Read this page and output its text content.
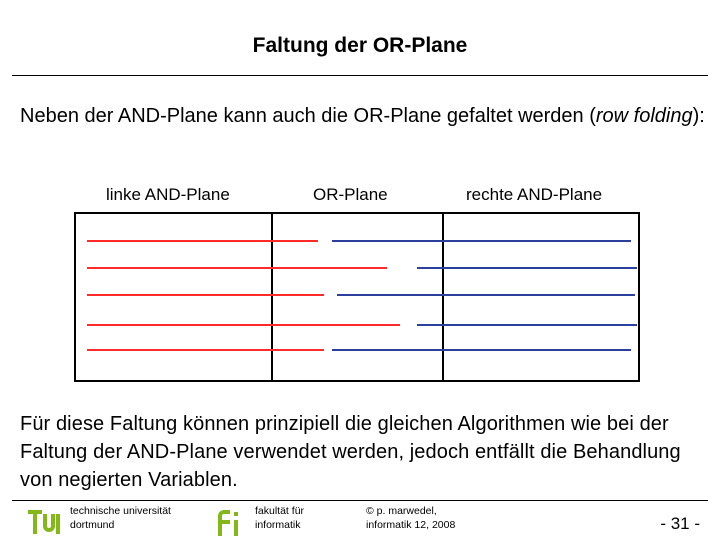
Faltung der OR-Plane
Neben der AND-Plane kann auch die OR-Plane gefaltet werden (row folding):
linke AND-Plane	OR-Plane	rechte AND-Plane
Für diese Faltung können prinzipiell die gleichen Algorithmen wie bei der Faltung der AND-Plane verwendet werden, jedoch entfällt die Behandlung von negierten Variablen.
technische universität
dortmund
fakultät für
informatik
© p. marwedel,
informatik 12, 2008	- 31 -
